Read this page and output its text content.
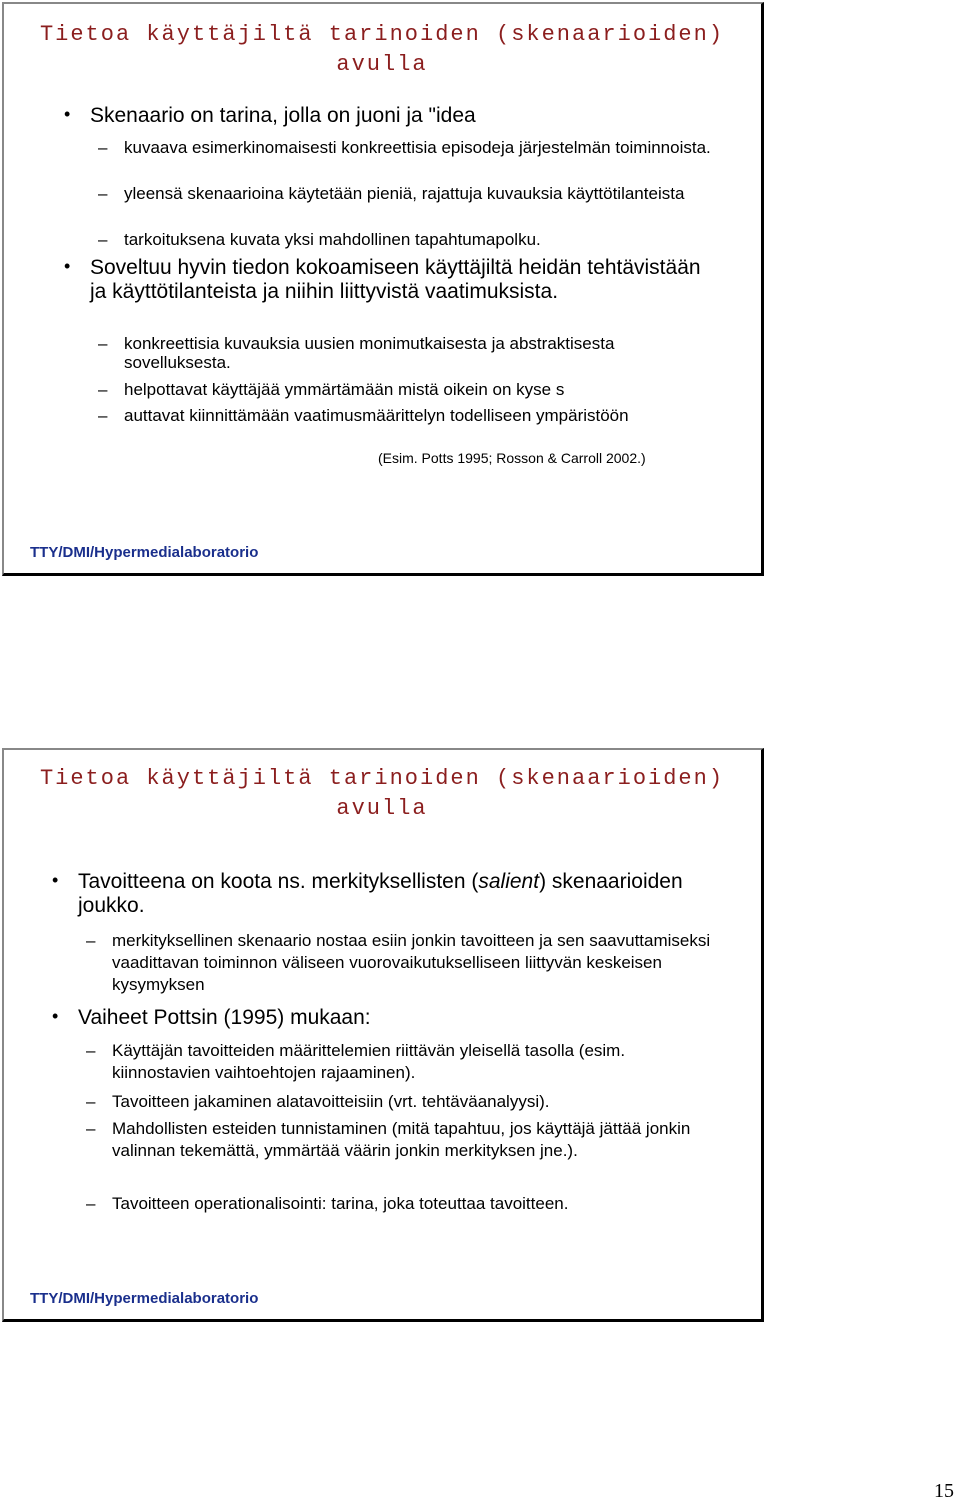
Tietoa käyttäjiltä tarinoiden (skenaarioiden) avulla
• Skenaario on tarina, jolla on juoni ja "idea
– kuvaava esimerkinomaisesti konkreettisia episodeja järjestelmän toiminnoista.
– yleensä skenaarioina käytetään pieniä, rajattuja kuvauksia käyttötilanteista
– tarkoituksena kuvata yksi mahdollinen tapahtumapolku.
• Soveltuu hyvin tiedon kokoamiseen käyttäjiltä heidän tehtävistään ja käyttötilanteista ja niihin liittyvistä vaatimuksista.
– konkreettisia kuvauksia uusien monimutkaisesta ja abstraktisesta sovelluksesta.
– helpottavat käyttäjää ymmärtämään mistä oikein on kyse s
– auttavat kiinnittämään vaatimusmäärittelyn todelliseen ympäristöön
(Esim. Potts 1995; Rosson & Carroll 2002.)
TTY/DMI/Hypermedialaboratorio
Tietoa käyttäjiltä tarinoiden (skenaarioiden) avulla
• Tavoitteena on koota ns. merkityksellisten (salient) skenaarioiden joukko.
– merkityksellinen skenaario nostaa esiin jonkin tavoitteen ja sen saavuttamiseksi vaadittavan toiminnon väliseen vuorovaikutukselliseen liittyvän keskeisen kysymyksen
• Vaiheet Pottsin (1995) mukaan:
– Käyttäjän tavoitteiden määrittelemien riittävän yleisellä tasolla (esim. kiinnostavien vaihtoehtojen rajaaminen).
– Tavoitteen jakaminen alatavoitteisiin (vrt. tehtäväanalyysi).
– Mahdollisten esteiden tunnistaminen (mitä tapahtuu, jos käyttäjä jättää jonkin valinnan tekemättä, ymmärtää väärin jonkin merkityksen jne.).
– Tavoitteen operationalisointi: tarina, joka toteuttaa tavoitteen.
TTY/DMI/Hypermedialaboratorio
15
